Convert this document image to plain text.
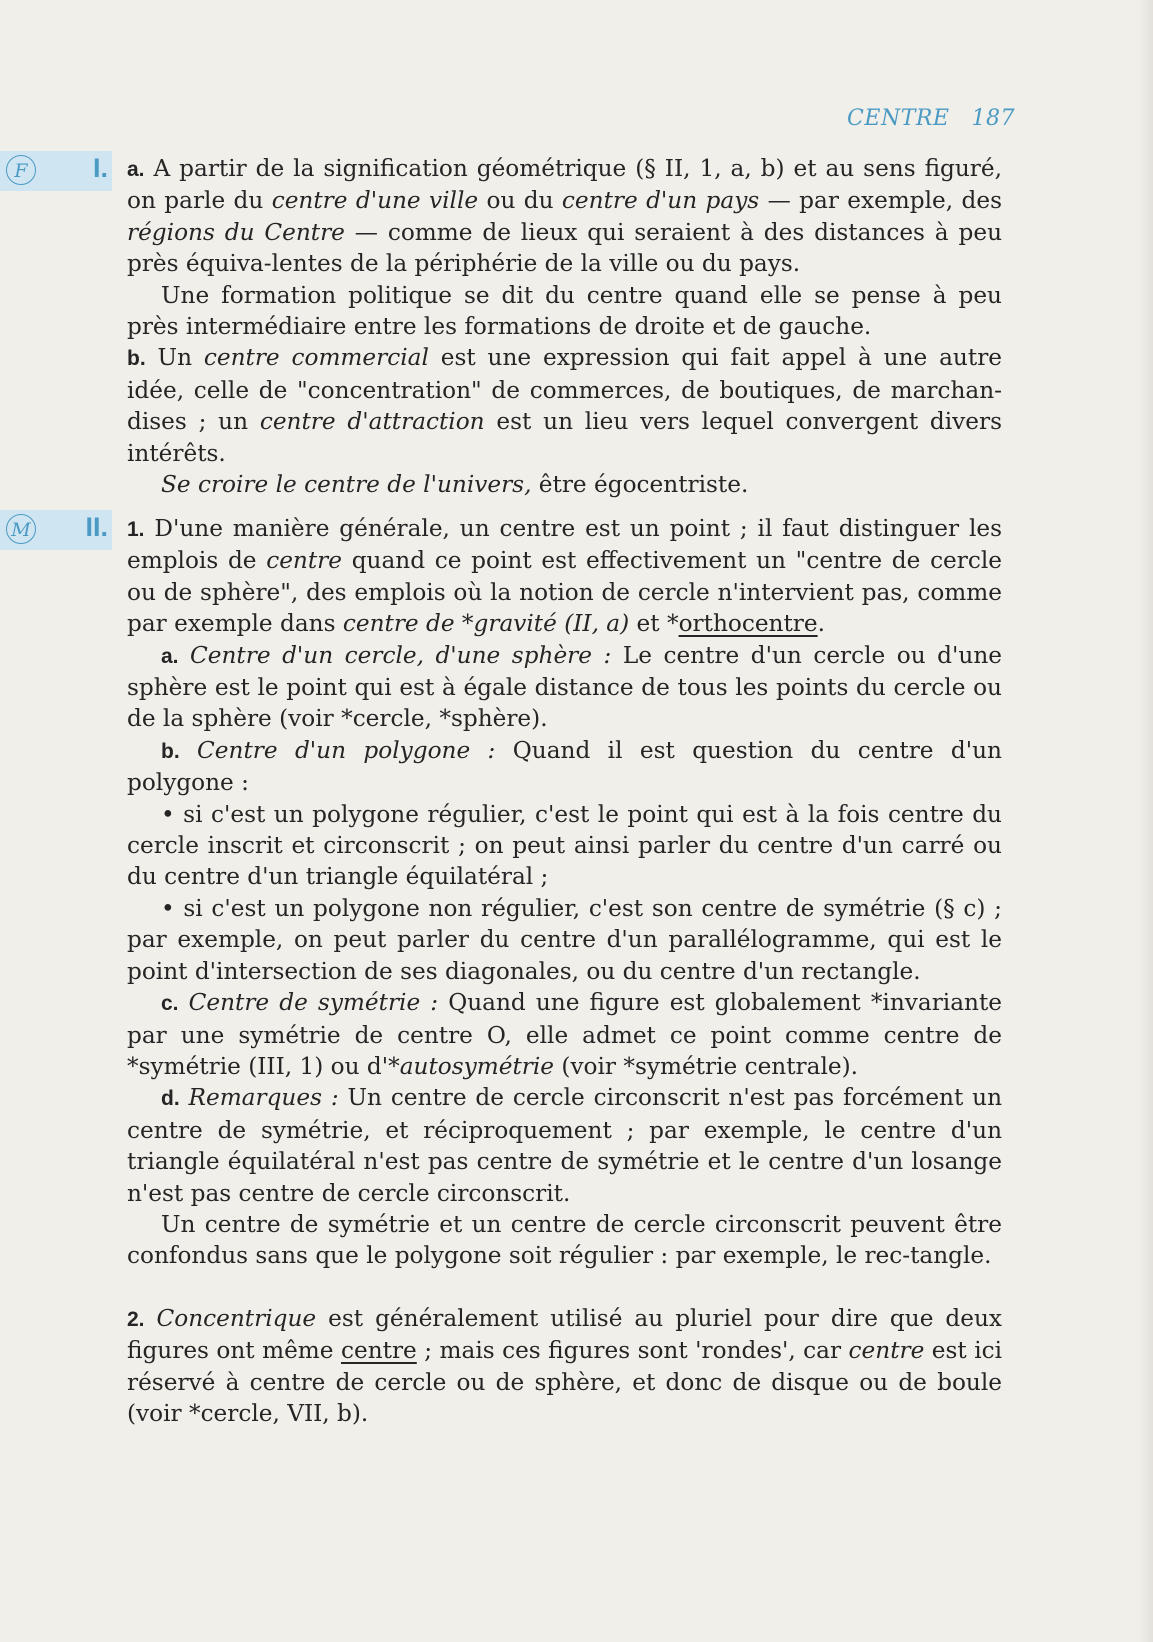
CENTRE 187
F	I.
M II.

a. A partir de la signification géométrique (§ II, 1, a, b) et au sens figuré, on parle du centre d'une ville ou du centre d'un pays — par exemple, des régions du Centre — comme de lieux qui seraient à des distances à peu près équiva-lentes de la périphérie de la ville ou du pays.

Une formation politique se dit du centre quand elle se pense à peu près intermédiaire entre les formations de droite et de gauche.

b. Un centre commercial est une expression qui fait appel à une autre idée, celle de "concentration" de commerces, de boutiques, de marchan-dises ; un centre d'attraction est un lieu vers lequel convergent divers intérêts.

Se croire le centre de l'univers, être égocentriste.

1. D'une manière générale, un centre est un point ; il faut distinguer les emplois de centre quand ce point est effectivement un "centre de cercle ou de sphère", des emplois où la notion de cercle n'intervient pas, comme par exemple dans centre de *gravité (II, a) et *orthocentre.

a. Centre d'un cercle, d'une sphère : Le centre d'un cercle ou d'une sphère est le point qui est à égale distance de tous les points du cercle ou de la sphère (voir *cercle, *sphère).

b. Centre d'un polygone : Quand il est question du centre d'un polygone :

• si c'est un polygone régulier, c'est le point qui est à la fois centre du cercle inscrit et circonscrit ; on peut ainsi parler du centre d'un carré ou du centre d'un triangle équilatéral ;

• si c'est un polygone non régulier, c'est son centre de symétrie (§ c) ; par exemple, on peut parler du centre d'un parallélogramme, qui est le point d'intersection de ses diagonales, ou du centre d'un rectangle.

c. Centre de symétrie : Quand une figure est globalement *invariante par une symétrie de centre O, elle admet ce point comme centre de *symétrie (III, 1) ou d'*autosymétrie (voir *symétrie centrale).

d. Remarques : Un centre de cercle circonscrit n'est pas forcément un centre de symétrie, et réciproquement ; par exemple, le centre d'un triangle équilatéral n'est pas centre de symétrie et le centre d'un losange n'est pas centre de cercle circonscrit.

Un centre de symétrie et un centre de cercle circonscrit peuvent être confondus sans que le polygone soit régulier : par exemple, le rec-tangle.

2. Concentrique est généralement utilisé au pluriel pour dire que deux figures ont même centre ; mais ces figures sont 'rondes', car centre est ici réservé à centre de cercle ou de sphère, et donc de disque ou de boule (voir *cercle, VII, b).
